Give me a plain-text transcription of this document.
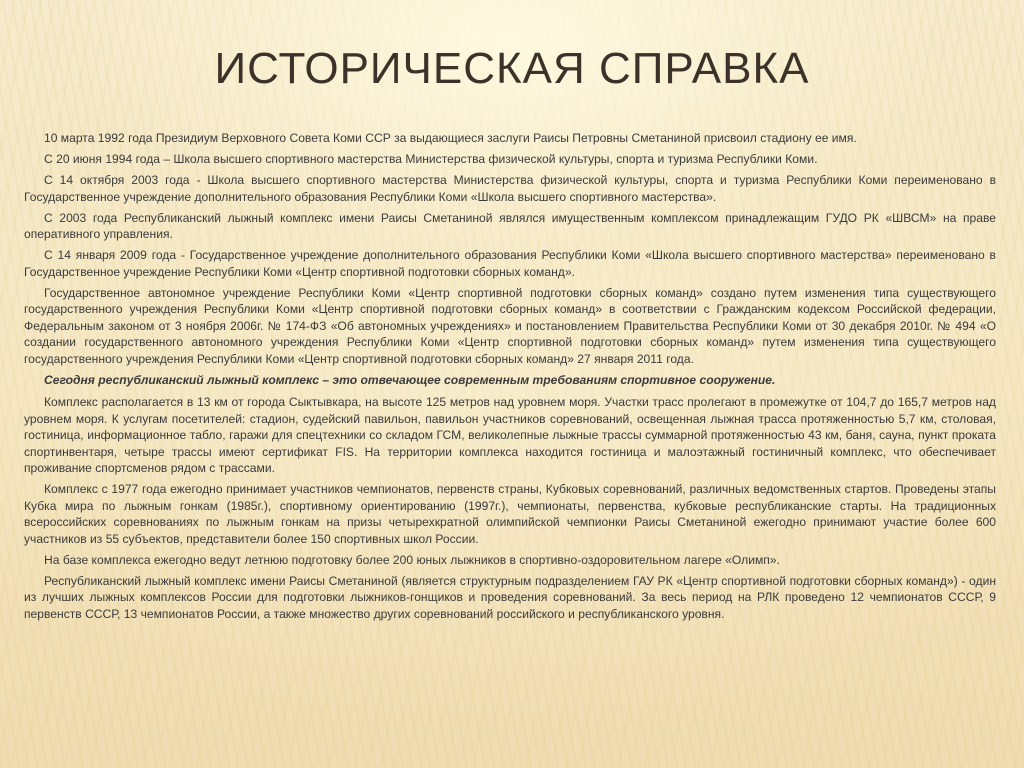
ИСТОРИЧЕСКАЯ СПРАВКА

10 марта 1992 года Президиум Верховного Совета Коми ССР за выдающиеся заслуги Раисы Петровны Сметаниной присвоил стадиону ее имя.

С 20 июня 1994 года – Школа высшего спортивного мастерства Министерства физической культуры, спорта и туризма Республики Коми.

С 14 октября 2003 года - Школа высшего спортивного мастерства Министерства физической культуры, спорта и туризма Республики Коми переименовано в Государственное учреждение дополнительного образования Республики Коми «Школа высшего спортивного мастерства».

С 2003 года Республиканский лыжный комплекс имени Раисы Сметаниной являлся имущественным комплексом принадлежащим ГУДО РК «ШВСМ» на праве оперативного управления.

С 14 января 2009 года - Государственное учреждение дополнительного образования Республики Коми «Школа высшего спортивного мастерства» переименовано в Государственное учреждение Республики Коми «Центр спортивной подготовки сборных команд».

Государственное автономное учреждение Республики Коми «Центр спортивной подготовки сборных команд» создано путем изменения типа существующего государственного учреждения Республики Коми «Центр спортивной подготовки сборных команд» в соответствии с Гражданским кодексом Российской федерации, Федеральным законом от 3 ноября 2006г. № 174-ФЗ «Об автономных учреждениях» и постановлением Правительства Республики Коми от 30 декабря 2010г. № 494 «О создании государственного автономного учреждения Республики Коми «Центр спортивной подготовки сборных команд» путем изменения типа существующего государственного учреждения Республики Коми «Центр спортивной подготовки сборных команд» 27 января 2011 года.

Сегодня республиканский лыжный комплекс – это отвечающее современным требованиям спортивное сооружение.

Комплекс располагается в 13 км от города Сыктывкара, на высоте 125 метров над уровнем моря. Участки трасс пролегают в промежутке от 104,7 до 165,7 метров над уровнем моря. К услугам посетителей: стадион, судейский павильон, павильон участников соревнований, освещенная лыжная трасса протяженностью 5,7 км, столовая, гостиница, информационное табло, гаражи для спецтехники со складом ГСМ, великолепные лыжные трассы суммарной протяженностью 43 км, баня, сауна, пункт проката спортинвентаря, четыре трассы имеют сертификат FIS. На территории комплекса находится гостиница и малоэтажный гостиничный комплекс, что обеспечивает проживание спортсменов рядом с трассами.

Комплекс с 1977 года ежегодно принимает участников чемпионатов, первенств страны, Кубковых соревнований, различных ведомственных стартов. Проведены этапы Кубка мира по лыжным гонкам (1985г.), спортивному ориентированию (1997г.), чемпионаты, первенства, кубковые республиканские старты. На традиционных всероссийских соревнованиях по лыжным гонкам на призы четырехкратной олимпийской чемпионки Раисы Сметаниной ежегодно принимают участие более 600 участников из 55 субъектов, представители более 150 спортивных школ России.

На базе комплекса ежегодно ведут летнюю подготовку более 200 юных лыжников в спортивно-оздоровительном лагере «Олимп».

Республиканский лыжный комплекс имени Раисы Сметаниной (является структурным подразделением ГАУ РК «Центр спортивной подготовки сборных команд») - один из лучших лыжных комплексов России для подготовки лыжников-гонщиков и проведения соревнований. За весь период на РЛК проведено 12 чемпионатов СССР, 9 первенств СССР, 13 чемпионатов России, а также множество других соревнований российского и республиканского уровня.
